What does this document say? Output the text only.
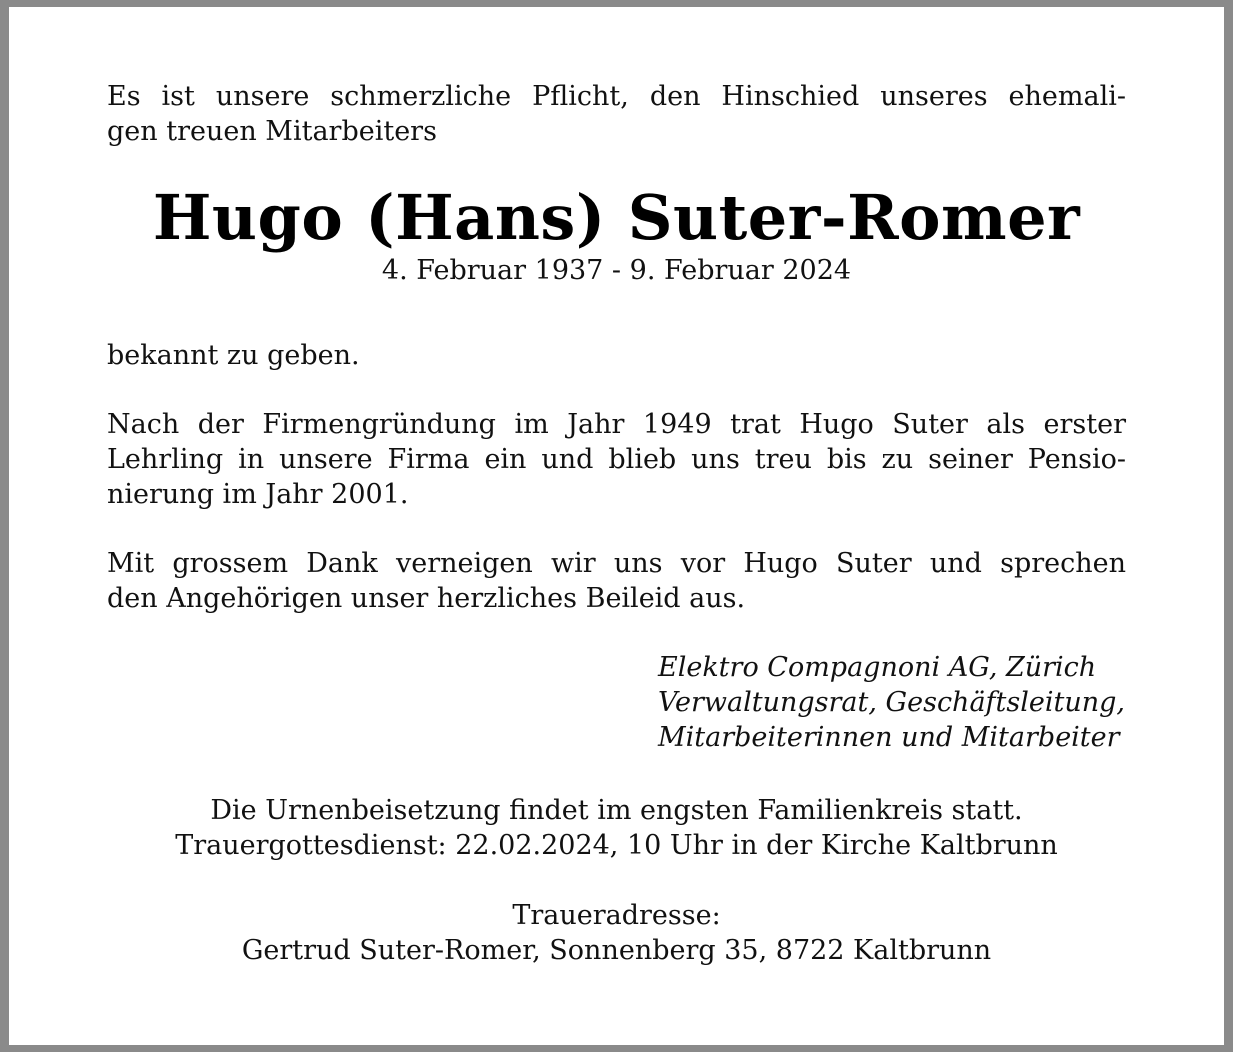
Es ist unsere schmerzliche Pflicht, den Hinschied unseres ehemali-
gen treuen Mitarbeiters
Hugo (Hans) Suter-Romer
4. Februar 1937 - 9. Februar 2024
bekannt zu geben.
Nach der Firmengründung im Jahr 1949 trat Hugo Suter als erster
Lehrling in unsere Firma ein und blieb uns treu bis zu seiner Pensio-
nierung im Jahr 2001.
Mit grossem Dank verneigen wir uns vor Hugo Suter und sprechen
den Angehörigen unser herzliches Beileid aus.
Elektro Compagnoni AG, Zürich
Verwaltungsrat, Geschäftsleitung,
Mitarbeiterinnen und Mitarbeiter
Die Urnenbeisetzung findet im engsten Familienkreis statt.
Trauergottesdienst: 22.02.2024, 10 Uhr in der Kirche Kaltbrunn
Traueradresse:
Gertrud Suter-Romer, Sonnenberg 35, 8722 Kaltbrunn
